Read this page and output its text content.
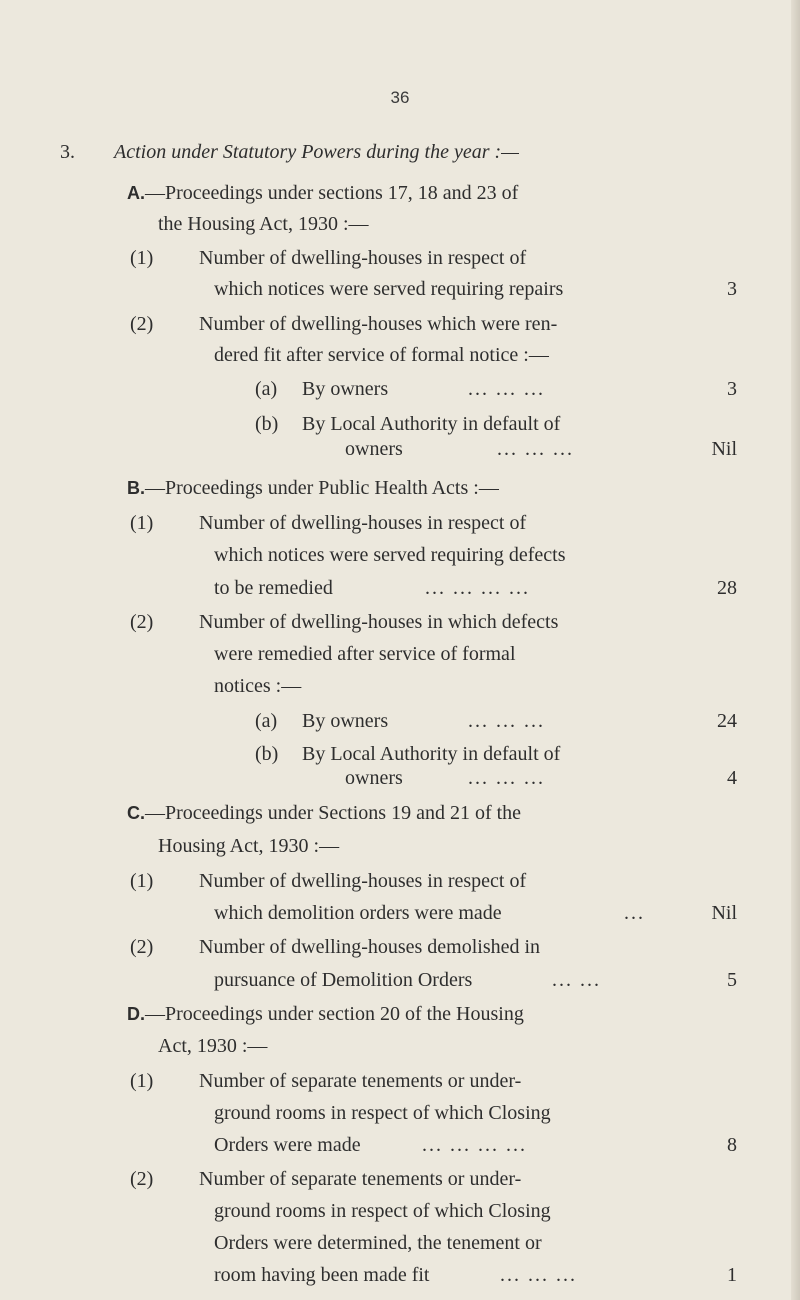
36
3. Action under Statutory Powers during the year :—
A.—Proceedings under sections 17, 18 and 23 of
the Housing Act, 1930 :—
(1) Number of dwelling-houses in respect of
which notices were served requiring repairs	3
(2) Number of dwelling-houses which were ren-
dered fit after service of formal notice :—
(a) By owners	... ... ...	3
(b) By Local Authority in default of
owners	... ... ...	Nil
B.—Proceedings under Public Health Acts :—
(1) Number of dwelling-houses in respect of
which notices were served requiring defects
to be remedied	... ... ... ...	28
(2) Number of dwelling-houses in which defects
were remedied after service of formal
notices :—
(a) By owners	... ... ...	24
(b) By Local Authority in default of
owners	... ... ...	4
C.—Proceedings under Sections 19 and 21 of the
Housing Act, 1930 :—
(1) Number of dwelling-houses in respect of
which demolition orders were made	...	Nil
(2) Number of dwelling-houses demolished in
pursuance of Demolition Orders	... ...	5
D.—Proceedings under section 20 of the Housing
Act, 1930 :—
(1) Number of separate tenements or under-
ground rooms in respect of which Closing
Orders were made	... ... ... ...	8
(2) Number of separate tenements or under-
ground rooms in respect of which Closing
Orders were determined, the tenement or
room having been made fit	... ... ...	1
